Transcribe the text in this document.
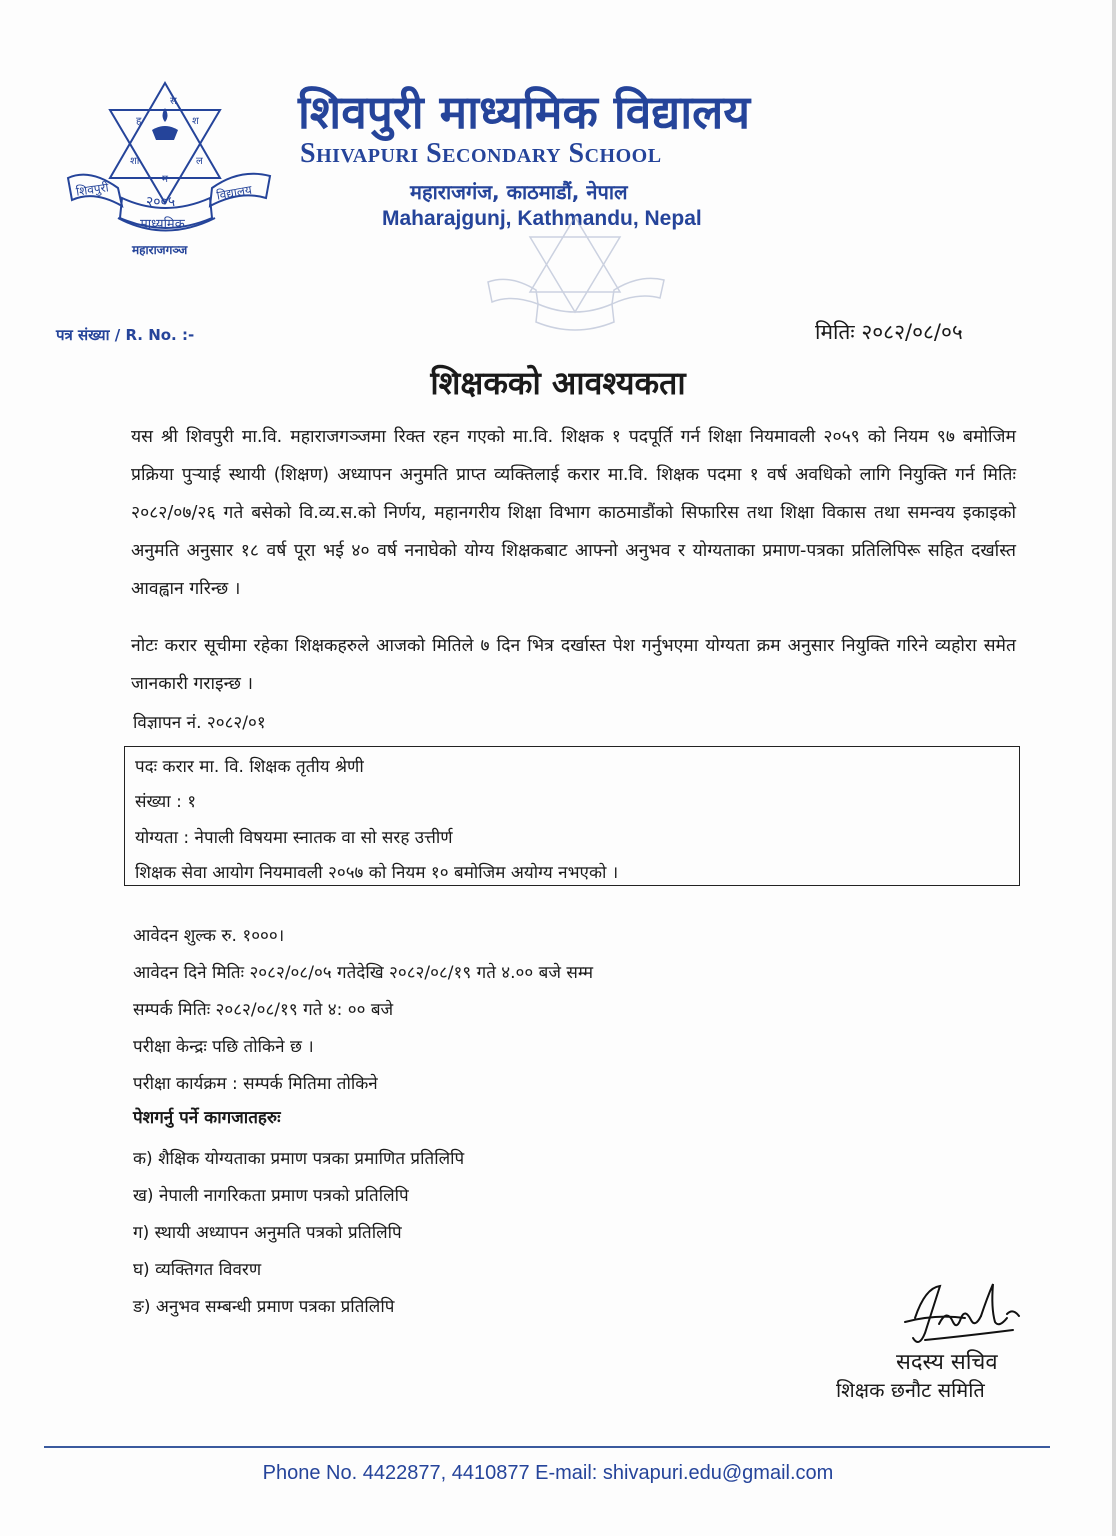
स
ह	श
शा	ल
म
शिवपुरी
२००५	विद्यालय
माध्यमिक
महाराजगञ्ज
शिवपुरी माध्यमिक विद्यालय
Shivapuri Secondary School
महाराजगंज, काठमाडौं, नेपाल
Maharajgunj, Kathmandu, Nepal
पत्र संख्या / R. No. :-	मितिः २०८२/०८/०५
शिक्षकको आवश्यकता
यस श्री शिवपुरी मा.वि. महाराजगञ्जमा रिक्त रहन गएको मा.वि. शिक्षक १ पदपूर्ति गर्न शिक्षा नियमावली २०५९ को नियम ९७ बमोजिम प्रक्रिया पुऱ्याई स्थायी (शिक्षण) अध्यापन अनुमति प्राप्त व्यक्तिलाई करार मा.वि. शिक्षक पदमा १ वर्ष अवधिको लागि नियुक्ति गर्न मितिः २०८२/०७/२६ गते बसेको वि.व्य.स.को निर्णय, महानगरीय शिक्षा विभाग काठमाडौंको सिफारिस तथा शिक्षा विकास तथा समन्वय इकाइको अनुमति अनुसार १८ वर्ष पूरा भई ४० वर्ष ननाघेको योग्य शिक्षकबाट आफ्नो अनुभव र योग्यताका प्रमाण-पत्रका प्रतिलिपिरू सहित दर्खास्त आवह्वान गरिन्छ ।
नोटः करार सूचीमा रहेका शिक्षकहरुले आजको मितिले ७ दिन भित्र दर्खास्त पेश गर्नुभएमा योग्यता क्रम अनुसार नियुक्ति गरिने व्यहोरा समेत जानकारी गराइन्छ ।
विज्ञापन नं. २०८२/०१
पदः करार मा. वि. शिक्षक तृतीय श्रेणी
संख्या : १
योग्यता : नेपाली विषयमा स्नातक वा सो सरह उत्तीर्ण
शिक्षक सेवा आयोग नियमावली २०५७ को नियम १० बमोजिम अयोग्य नभएको ।
आवेदन शुल्क रु. १०००।
आवेदन दिने मितिः २०८२/०८/०५ गतेदेखि २०८२/०८/१९ गते ४.०० बजे सम्म
सम्पर्क मितिः २०८२/०८/१९ गते ४: ०० बजे
परीक्षा केन्द्रः पछि तोकिने छ ।
परीक्षा कार्यक्रम : सम्पर्क मितिमा तोकिने
पेशगर्नु पर्ने कागजातहरुः
क) शैक्षिक योग्यताका प्रमाण पत्रका प्रमाणित प्रतिलिपि
ख) नेपाली नागरिकता प्रमाण पत्रको प्रतिलिपि
ग) स्थायी अध्यापन अनुमति पत्रको प्रतिलिपि
घ) व्यक्तिगत विवरण
ङ) अनुभव सम्बन्धी प्रमाण पत्रका प्रतिलिपि
सदस्य सचिव
शिक्षक छनौट समिति
Phone No. 4422877, 4410877 E-mail: shivapuri.edu@gmail.com
